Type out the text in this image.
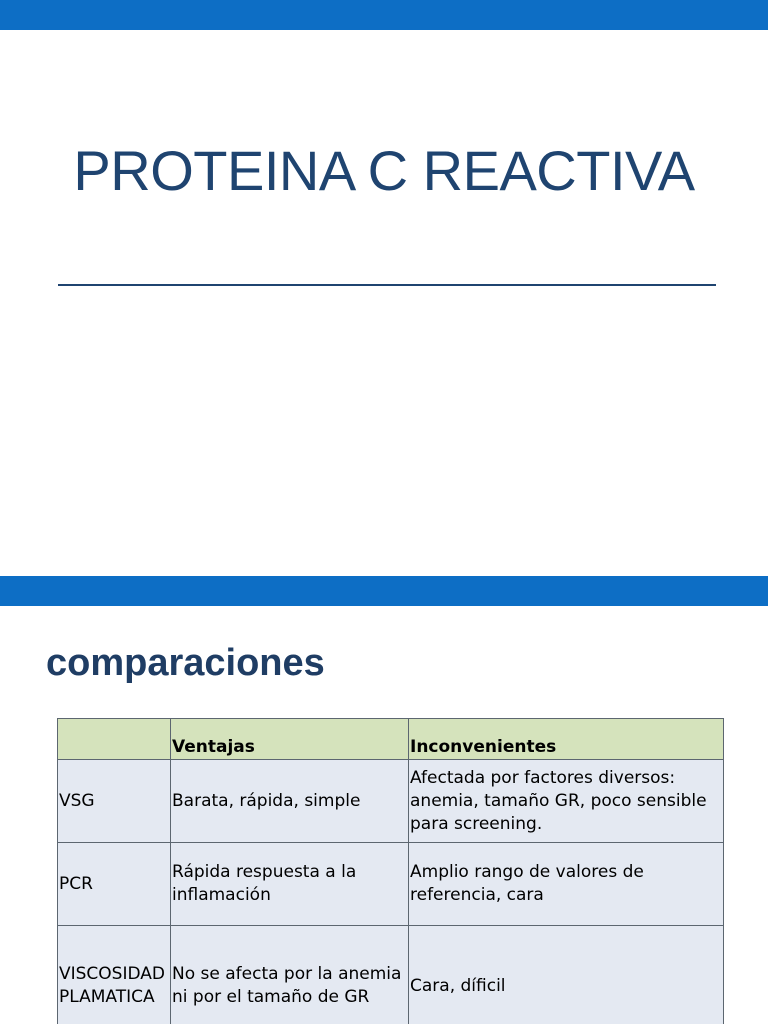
PROTEINA C REACTIVA
comparaciones
	Ventajas	Inconvenientes
VSG	Barata, rápida, simple	Afectada por factores diversos: anemia, tamaño GR, poco sensible para screening.
PCR	Rápida respuesta a la inflamación	Amplio rango de valores de referencia, cara
VISCOSIDAD PLAMATICA	No se afecta por la anemia ni por el tamaño de GR	Cara, díficil
